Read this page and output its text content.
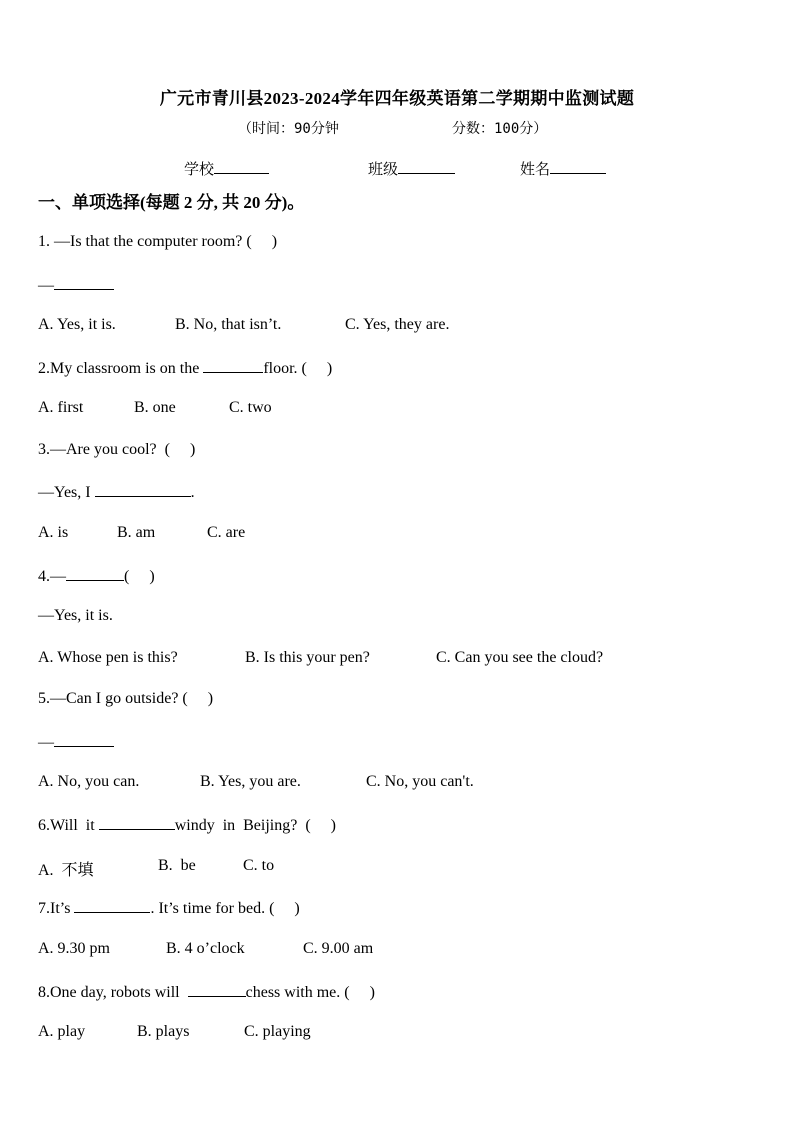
广元市青川县2023-2024学年四年级英语第二学期期中监测试题
（时间：90分钟	分数：100分）
学校	班级	姓名
一、单项选择(每题 2 分, 共 20 分)。
1. —Is that the computer room? (     )
—
A. Yes, it is.	B. No, that isn’t.	C. Yes, they are.
2.My classroom is on the	floor. (     )
A. first	B. one	C. two
3.—Are you cool?  (     )
—Yes, I	.
A. is	B. am	C. are
4.—	(     )
—Yes, it is.
A. Whose pen is this?	B. Is this your pen?	C. Can you see the cloud?
5.—Can I go outside? (     )
—
A. No, you can.	B. Yes, you are.	C. No, you can't.
6.Will  it	windy  in  Beijing?  (     )
A.  不填	B.  be	C. to
7.It’s	. It’s time for bed. (     )
A. 9.30 pm	B. 4 o’clock	C. 9.00 am
8.One day, robots will	chess with me. (     )
A. play	B. plays	C. playing
